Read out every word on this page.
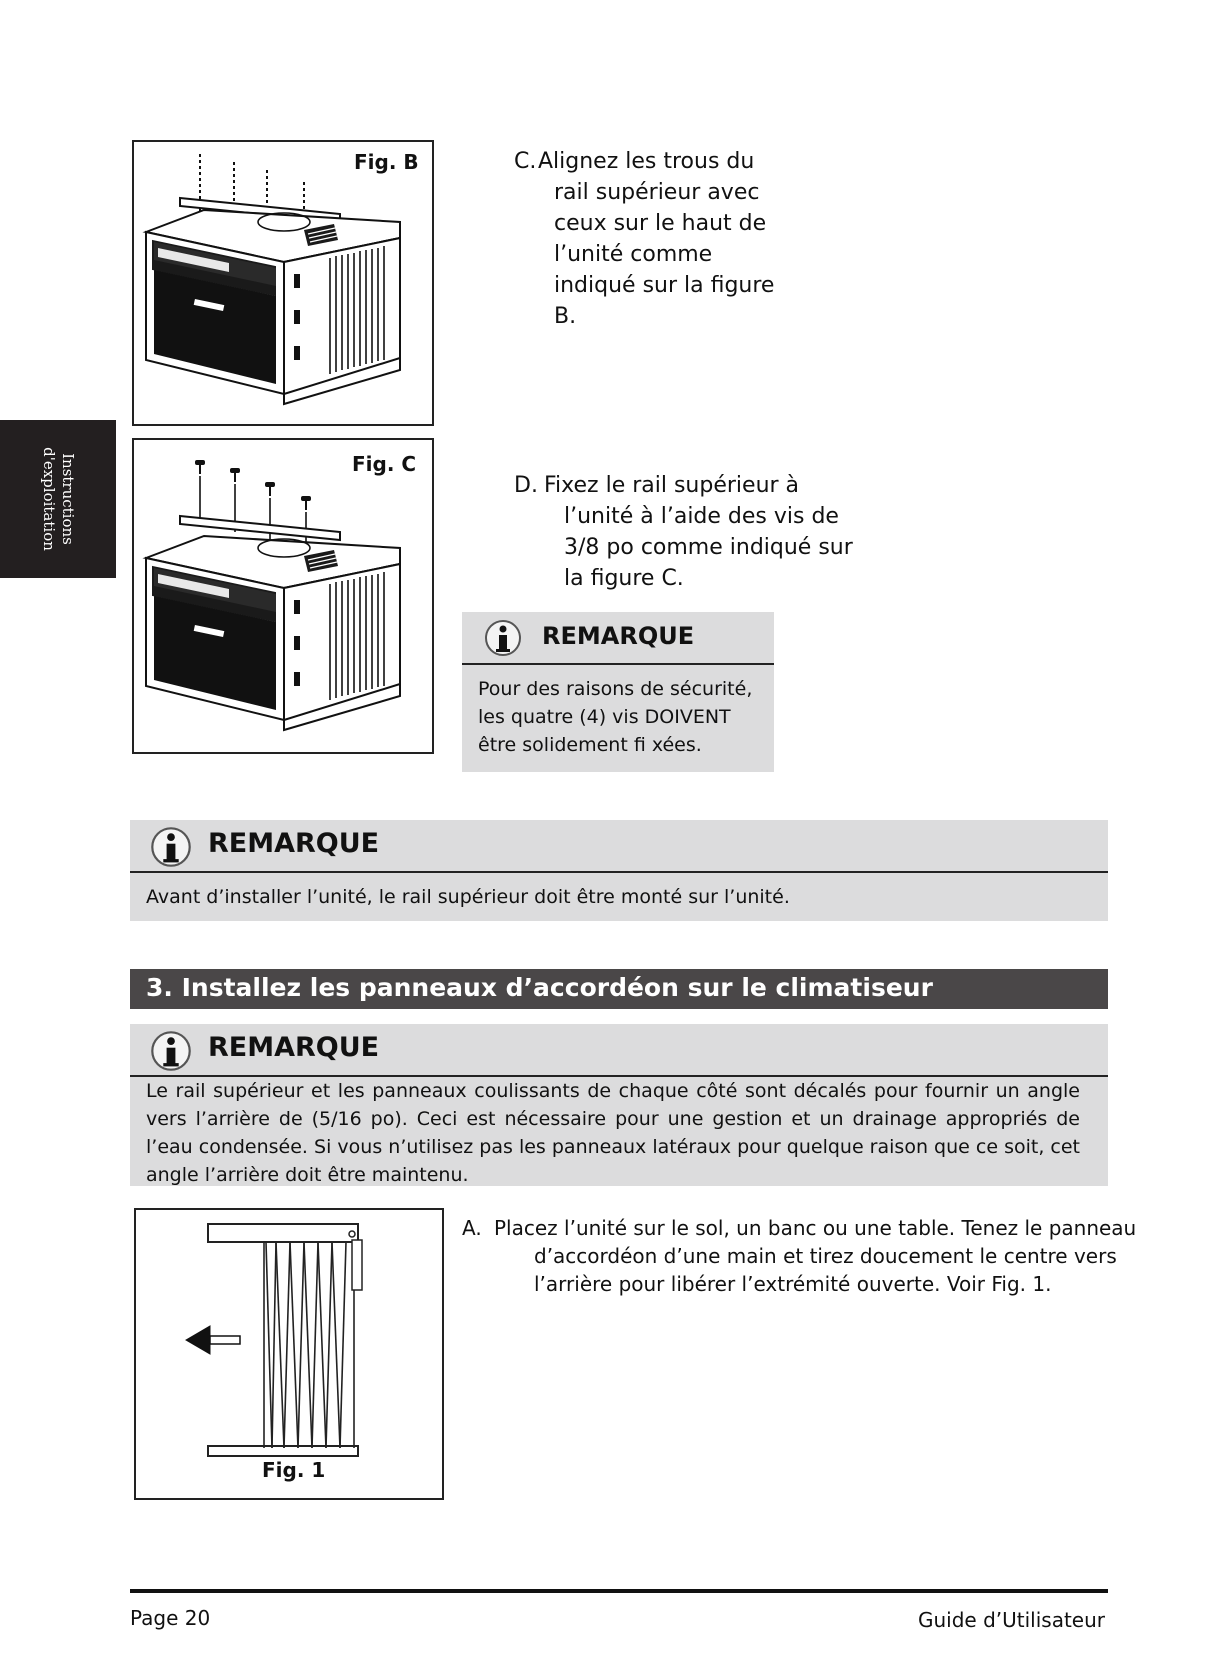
Instructions
d'exploitation
Fig. B
Fig. C
C. Alignez les trous du rail supérieur avec ceux sur le haut de l’unité comme indiqué sur la figure B.
D. Fixez le rail supérieur à l’unité à l’aide des vis de 3/8 po comme indiqué sur la figure C.
REMARQUE
Pour des raisons de sécurité, les quatre (4) vis DOIVENT être solidement fi xées.
REMARQUE
Avant d’installer l’unité, le rail supérieur doit être monté sur l’unité.
3. Installez les panneaux d’accordéon sur le climatiseur
REMARQUE
Le rail supérieur et les panneaux coulissants de chaque côté sont décalés pour fournir un angle vers l’arrière de (5/16 po). Ceci est nécessaire pour une gestion et un drainage appropriés de l’eau condensée. Si vous n’utilisez pas les panneaux latéraux pour quelque raison que ce soit, cet angle l’arrière doit être maintenu.
Fig. 1
A. Placez l’unité sur le sol, un banc ou une table. Tenez le panneau d’accordéon d’une main et tirez doucement le centre vers l’arrière pour libérer l’extrémité ouverte. Voir Fig. 1.
Page 20	Guide d’Utilisateur
